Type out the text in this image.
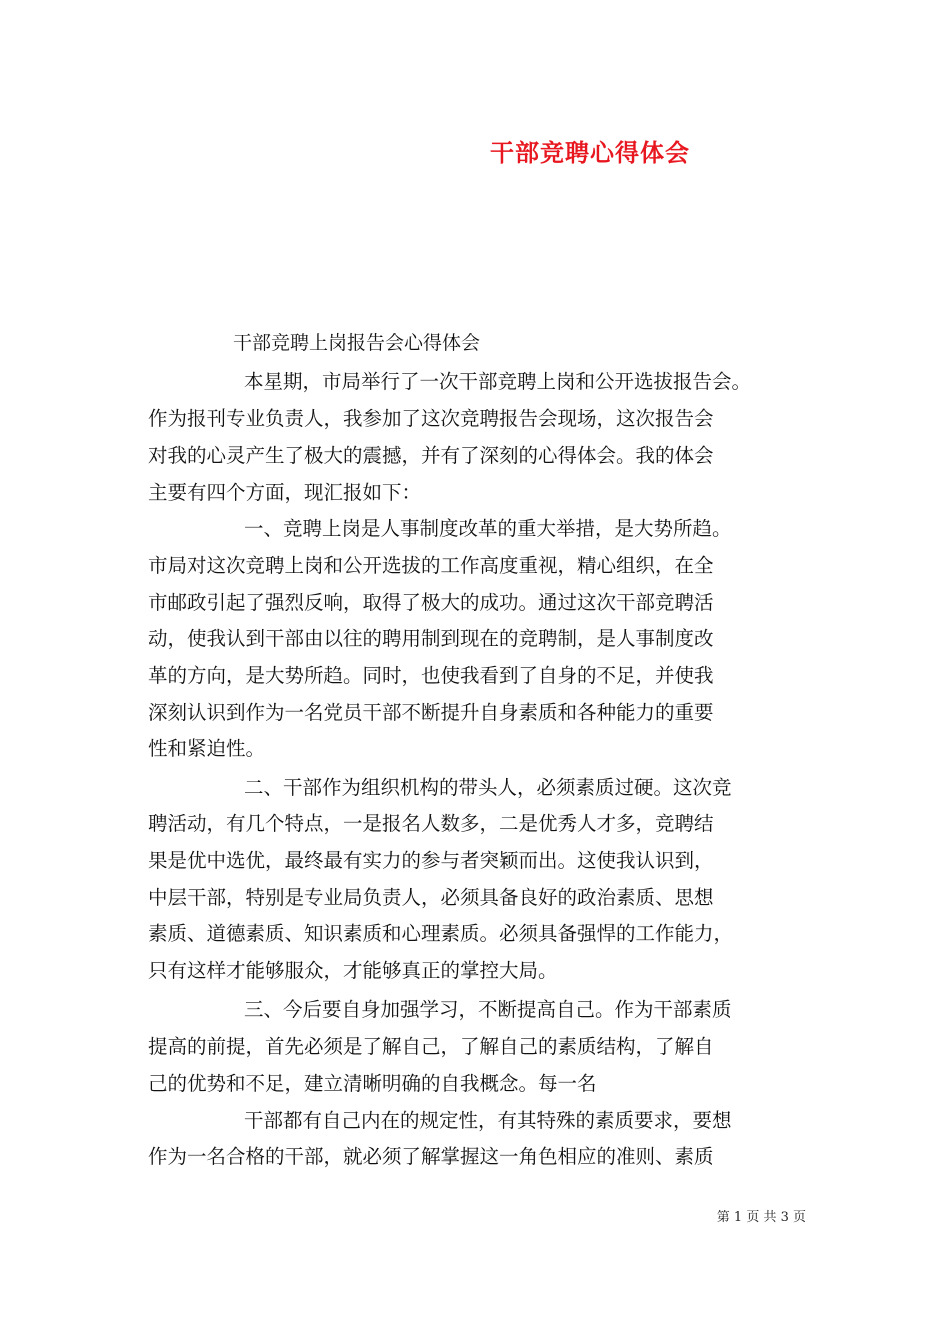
干部竞聘心得体会
干部竞聘上岗报告会心得体会
本星期，市局举行了一次干部竞聘上岗和公开选拔报告会。
作为报刊专业负责人，我参加了这次竞聘报告会现场，这次报告会
对我的心灵产生了极大的震撼，并有了深刻的心得体会。我的体会
主要有四个方面，现汇报如下：
一、竞聘上岗是人事制度改革的重大举措，是大势所趋。
市局对这次竞聘上岗和公开选拔的工作高度重视，精心组织，在全
市邮政引起了强烈反响，取得了极大的成功。通过这次干部竞聘活
动，使我认到干部由以往的聘用制到现在的竞聘制，是人事制度改
革的方向，是大势所趋。同时，也使我看到了自身的不足，并使我
深刻认识到作为一名党员干部不断提升自身素质和各种能力的重要
性和紧迫性。
二、干部作为组织机构的带头人，必须素质过硬。这次竞
聘活动，有几个特点，一是报名人数多，二是优秀人才多，竞聘结
果是优中选优，最终最有实力的参与者突颖而出。这使我认识到，
中层干部，特别是专业局负责人，必须具备良好的政治素质、思想
素质、道德素质、知识素质和心理素质。必须具备强悍的工作能力，
只有这样才能够服众，才能够真正的掌控大局。
三、今后要自身加强学习，不断提高自己。作为干部素质
提高的前提，首先必须是了解自己，了解自己的素质结构，了解自
己的优势和不足，建立清晰明确的自我概念。每一名
干部都有自己内在的规定性，有其特殊的素质要求，要想
作为一名合格的干部，就必须了解掌握这一角色相应的准则、素质
第 1 页 共 3 页
